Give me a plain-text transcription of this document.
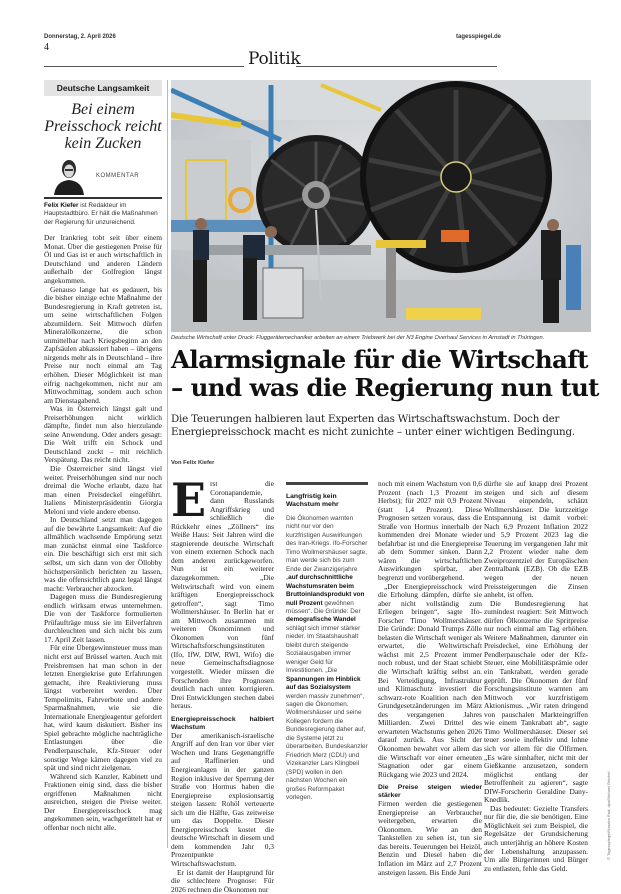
Donnerstag, 2. April 2026	tagesspiegel.de
4
Politik
Deutsche Langsamkeit
Bei einem Preisschock reicht kein Zucken
KOMMENTAR
Felix Kiefer ist Redakteur im Hauptstadtbüro. Er hält die Maßnahmen der Regierung für unzureichend.

Der Irankrieg tobt seit über einem Monat. Über die gestiegenen Preise für Öl und Gas ist er auch wirtschaftlich in Deutschland und anderen Ländern außerhalb der Golfregion längst angekommen.

Genauso lange hat es gedauert, bis die bisher einzige echte Maßnahme der Bundesregierung in Kraft getreten ist, um seine wirtschaftlichen Folgen abzumildern. Seit Mittwoch dürfen Mineralölkonzerne, die schon unmittelbar nach Kriegsbeginn an den Zapfsäulen abkassiert haben – übrigens nirgends mehr als in Deutschland – ihre Preise nur noch einmal am Tag erhöhen. Dieser Möglichkeit ist man eifrig nachgekommen, nicht nur am Mittwochmittag, sondern auch schon am Dienstagabend.

Was in Österreich längst galt und Preiserhöhungen nicht wirklich dämpfte, findet nun also hierzulande seine Anwendung. Oder anders gesagt: Die Welt trifft ein Schock und Deutschland zuckt – mit reichlich Verspätung. Das reicht nicht.

Die Österreicher sind längst viel weiter. Preiserhöhungen sind nur noch dreimal die Woche erlaubt, dazu hat man einen Preisdeckel eingeführt. Italiens Ministerpräsidentin Giorgia Meloni und viele andere ebenso.

In Deutschland setzt man dagegen auf die bewährte Langsamkeit: Auf die allmählich wachsende Empörung setzt man zunächst einmal eine Taskforce ein. Die beschäftigt sich erst mit sich selbst, um sich dann von der Öllobby höchstpersönlich berichten zu lassen, was die offensichtlich ganz legal längst macht: Verbraucher abzocken.

Dagegen muss die Bundesregierung endlich wirksam etwas unternehmen. Die von der Taskforce formulierten Prüfaufträge muss sie im Eilverfahren durchleuchten und sich nicht bis zum 17. April Zeit lassen.

Für eine Übergewinnsteuer muss man nicht erst auf Brüssel warten. Auch mit Preisbremsen hat man schon in der letzten Energiekrise gute Erfahrungen gemacht, ihre Reaktivierung muss längst vorbereitet werden. Über Tempolimits, Fahrverbote und andere Sparmaßnahmen, wie sie die Internationale Energieagentur gefordert hat, wird kaum diskutiert. Bisher ins Spiel gebrachte mögliche nachträgliche Entlastungen über die Pendlerpauschale, Kfz-Steuer oder sonstige Wege kämen dagegen viel zu spät und sind nicht zielgenau.

Während sich Kanzler, Kabinett und Fraktionen einig sind, dass die bisher ergriffenen Maßnahmen nicht ausreichen, steigen die Preise weiter. Der Energiepreisschock mag angekommen sein, wachgerüttelt hat er offenbar noch nicht alle.

Deutsche Wirtschaft unter Druck: Fluggerätemechaniker arbeiten an einem Triebwerk bei der N3 Engine Overhaul Services in Arnstadt in Thüringen.
Alarmsignale für die Wirtschaft – und was die Regierung nun tut
Die Teuerungen halbieren laut Experten das Wirtschaftswachstum. Doch der Energiepreisschock macht es nicht zunichte – unter einer wichtigen Bedingung.
Von Felix Kiefer

Erst die Coronapandemie, dann Russlands Angriffskrieg und schließlich die Rückkehr eines „Zöllners“ ins Weiße Haus: Seit Jahren wird die stagnierende deutsche Wirtschaft von einem externen Schock nach dem anderen zurückgeworfen. Nun ist ein weiterer dazugekommen. „Die Weltwirtschaft wird von einem kräftigen Energiepreisschock getroffen“, sagt Timo Wollmershäuser. In Berlin hat er am Mittwoch zusammen mit weiteren Ökonominnen und Ökonomen von fünf Wirtschaftsforschungsinstituten (Ifo, IfW, DIW, RWI, Wifo) die neue Gemeinschaftsdiagnose vorgestellt. Wieder müssen die Forschenden ihre Prognosen deutlich nach unten korrigieren. Drei Entwicklungen stechen dabei heraus.

Energiepreisschock halbiert Wachstum

Der amerikanisch-israelische Angriff auf den Iran vor über vier Wochen und Irans Gegenangriffe auf Raffinerien und Energieanlagen in der ganzen Region inklusive der Sperrung der Straße von Hormus haben die Energiepreise explosionsartig steigen lassen: Rohöl verteuerte sich um die Hälfte, Gas zeitweise um das Doppelte. Dieser Energiepreisschock kostet die deutsche Wirtschaft in diesem und dem kommenden Jahr 0,3 Prozentpunkte Wirtschaftswachstum.

Er ist damit der Hauptgrund für die schlechtere Prognose: Für 2026 rechnen die Ökonomen nur

Langfristig kein Wachstum mehr
Die Ökonomen warnten nicht nur vor den kurzfristigen Auswirkungen des Iran-Kriegs. Ifo-Forscher Timo Wollmershäuser sagte, man werde sich bis zum Ende der Zwanzigerjahre „auf durchschnittliche Wachstumsraten beim Bruttoinlandsprodukt von null Prozent gewöhnen müssen“. Die Gründe: Der demografische Wandel schlägt sich immer stärker nieder. Im Staatshaushalt bleibt durch steigende Sozialausgaben immer weniger Geld für Investitionen. „Die Spannungen im Hinblick auf das Sozialsystem werden massiv zunehmen“, sagen die Ökonomen. Wollmershäuser und seine Kollegen fordern die Bundesregierung daher auf, die Systeme jetzt zu überarbeiten. Bundeskanzler Friedrich Merz (CDU) und Vizekanzler Lars Klingbeil (SPD) wollen in den nächsten Wochen ein großes Reformpaket vorlegen.

noch mit einem Wachstum von 0,6 Prozent (nach 1,3 Prozent im Herbst); für 2027 mit 0,9 Prozent (statt 1,4 Prozent). Diese Prognosen setzen voraus, dass die Straße von Hormus innerhalb der kommenden drei Monate wieder befahrbar ist und die Energiepreise ab dem Sommer sinken. Dann wären die wirtschaftlichen Auswirkungen spürbar, aber begrenzt und vorübergehend.

„Der Energiepreisschock wird die Erholung dämpfen, dürfte sie aber nicht vollständig zum Erliegen bringen“, sagte Ifo-Forscher Timo Wollmershäuser. Die Gründe: Donald Trumps Zölle belasten die Wirtschaft weniger als erwartet, die Weltwirtschaft wächst mit 2,5 Prozent immer noch robust, und der Staat schiebt die Wirtschaft kräftig selbst an. Bei Verteidigung, Infrastruktur und Klimaschutz investiert die schwarz-rote Koalition nach den Grundgesetzänderungen im März des vergangenen Jahres Milliarden. Zwei Drittel des erwarteten Wachstums gehen 2026 darauf zurück. Aus Sicht der Ökonomen bewahrt vor allem das die Wirtschaft vor einer erneuten Stagnation oder gar einem Rückgang wie 2023 und 2024.

Die Preise steigen wieder stärker

Firmen werden die gestiegenen Energiepreise an Verbraucher weitergeben, erwarten die Ökonomen. Wie an den Tankstellen zu sehen ist, tun sie das bereits. Teuerungen bei Heizöl, Benzin und Diesel haben die Inflation im März auf 2,7 Prozent ansteigen lassen. Bis Ende Juni

dürfte sie auf knapp drei Prozent steigen und sich auf diesem Niveau einpendeln, schätzt Wollmershäuser. Die kurzzeitige Entspannung ist damit vorbei: Nach 6,9 Prozent Inflation 2022 und 5,9 Prozent 2023 lag die Teuerung im vergangenen Jahr mit 2,2 Prozent wieder nahe dem Zweiprozentziel der Europäischen Zentralbank (EZB). Ob die EZB wegen der neuen Preissteigerungen die Zinsen anhebt, ist offen.

Die Bundesregierung hat zumindest reagiert: Seit Mittwoch dürfen Ölkonzerne die Spritpreise nur noch einmal am Tag erhöhen. Weitere Maßnahmen, darunter ein Preisdeckel, eine Erhöhung der Pendlerpauschale oder der Kfz-Steuer, eine Mobilitätsprämie oder ein Tankrabatt, werden gerade geprüft. Die Ökonomen der fünf Forschungsinstitute warnten am Mittwoch vor kurzfristigem Aktionismus. „Wir raten dringend von pauschalen Markteingriffen wie einem Tankrabatt ab“, sagte Timo Wollmershäuser. Dieser sei teuer sowie ineffektiv und lohne sich vor allem für die Ölfirmen. „Es wäre sinnhafter, nicht mit der Gießkanne anzusetzen, sondern möglichst entlang der Betroffenheit zu agieren“, sagte DIW-Forscherin Geraldine Dany-Knedlik.

Das bedeutet: Gezielte Transfers nur für die, die sie benötigen. Eine Möglichkeit sei zum Beispiel, die Regelsätze der Grundsicherung auch unterjährig an höhere Kosten der Lebenshaltung anzupassen. Um alle Bürgerinnen und Bürger zu entlasten, fehle das Geld.

© Tagesspiegel/Nassim Rad; dpa/Michael Reichel
